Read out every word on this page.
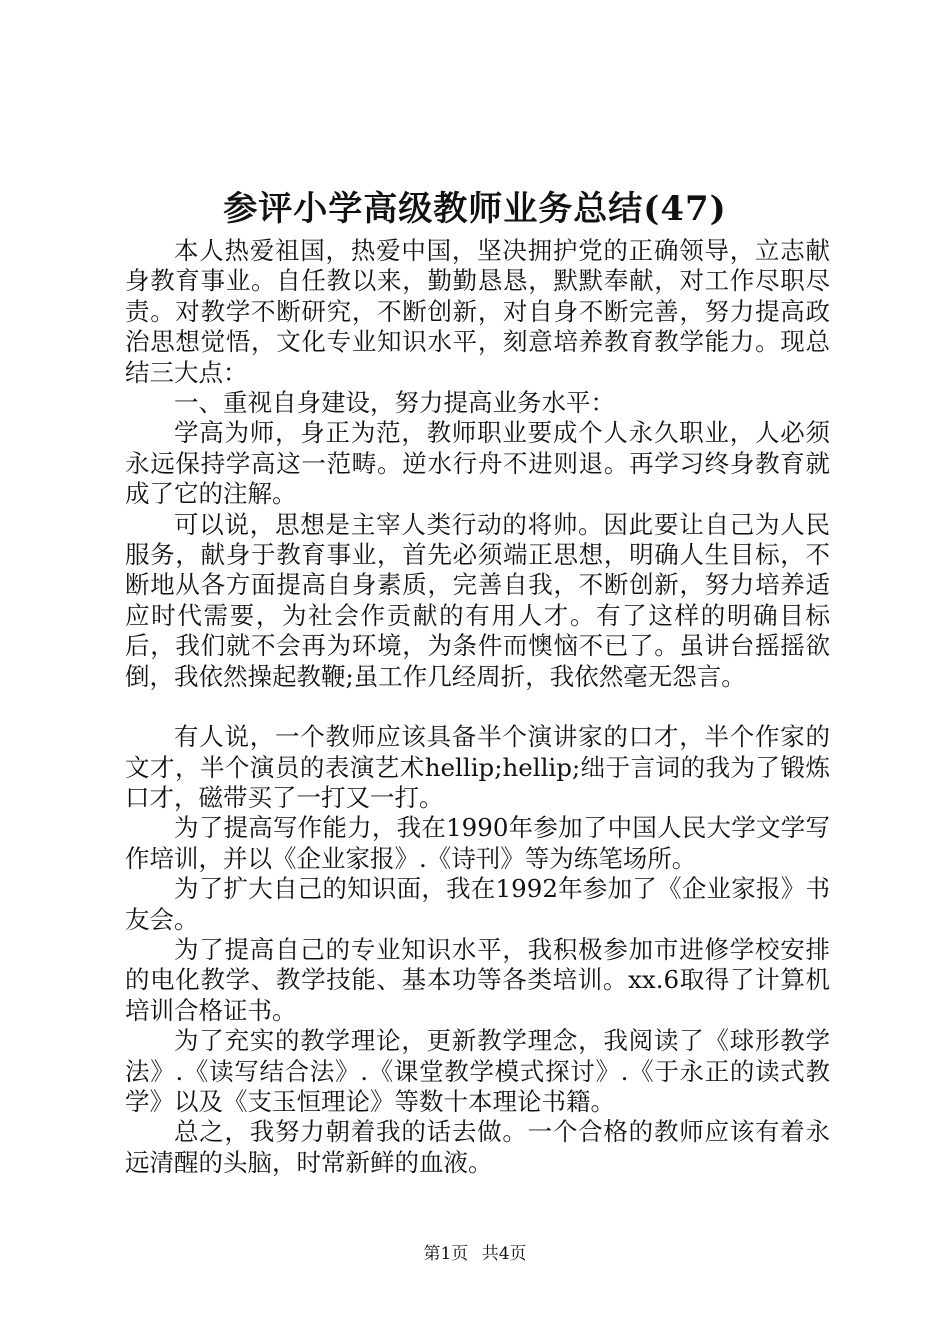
参评小学高级教师业务总结(47)

本人热爱祖国，热爱中国，坚决拥护党的正确领导，立志献身教育事业。自任教以来，勤勤恳恳，默默奉献，对工作尽职尽责。对教学不断研究，不断创新，对自身不断完善，努力提高政治思想觉悟，文化专业知识水平，刻意培养教育教学能力。现总结三大点：

一、重视自身建设，努力提高业务水平：

学高为师，身正为范，教师职业要成个人永久职业，人必须永远保持学高这一范畴。逆水行舟不进则退。再学习终身教育就成了它的注解。

可以说，思想是主宰人类行动的将帅。因此要让自己为人民服务，献身于教育事业，首先必须端正思想，明确人生目标，不断地从各方面提高自身素质，完善自我，不断创新，努力培养适应时代需要，为社会作贡献的有用人才。有了这样的明确目标后，我们就不会再为环境，为条件而懊恼不已了。虽讲台摇摇欲倒，我依然操起教鞭;虽工作几经周折，我依然毫无怨言。

有人说，一个教师应该具备半个演讲家的口才，半个作家的文才，半个演员的表演艺术hellip;hellip;绌于言词的我为了锻炼口才，磁带买了一打又一打。

为了提高写作能力，我在1990年参加了中国人民大学文学写作培训，并以《企业家报》.《诗刊》等为练笔场所。

为了扩大自己的知识面，我在1992年参加了《企业家报》书友会。

为了提高自己的专业知识水平，我积极参加市进修学校安排的电化教学、教学技能、基本功等各类培训。xx.6取得了计算机培训合格证书。

为了充实的教学理论，更新教学理念，我阅读了《球形教学法》.《读写结合法》.《课堂教学模式探讨》.《于永正的读式教学》以及《支玉恒理论》等数十本理论书籍。

总之，我努力朝着我的话去做。一个合格的教师应该有着永远清醒的头脑，时常新鲜的血液。

第1页 共4页
